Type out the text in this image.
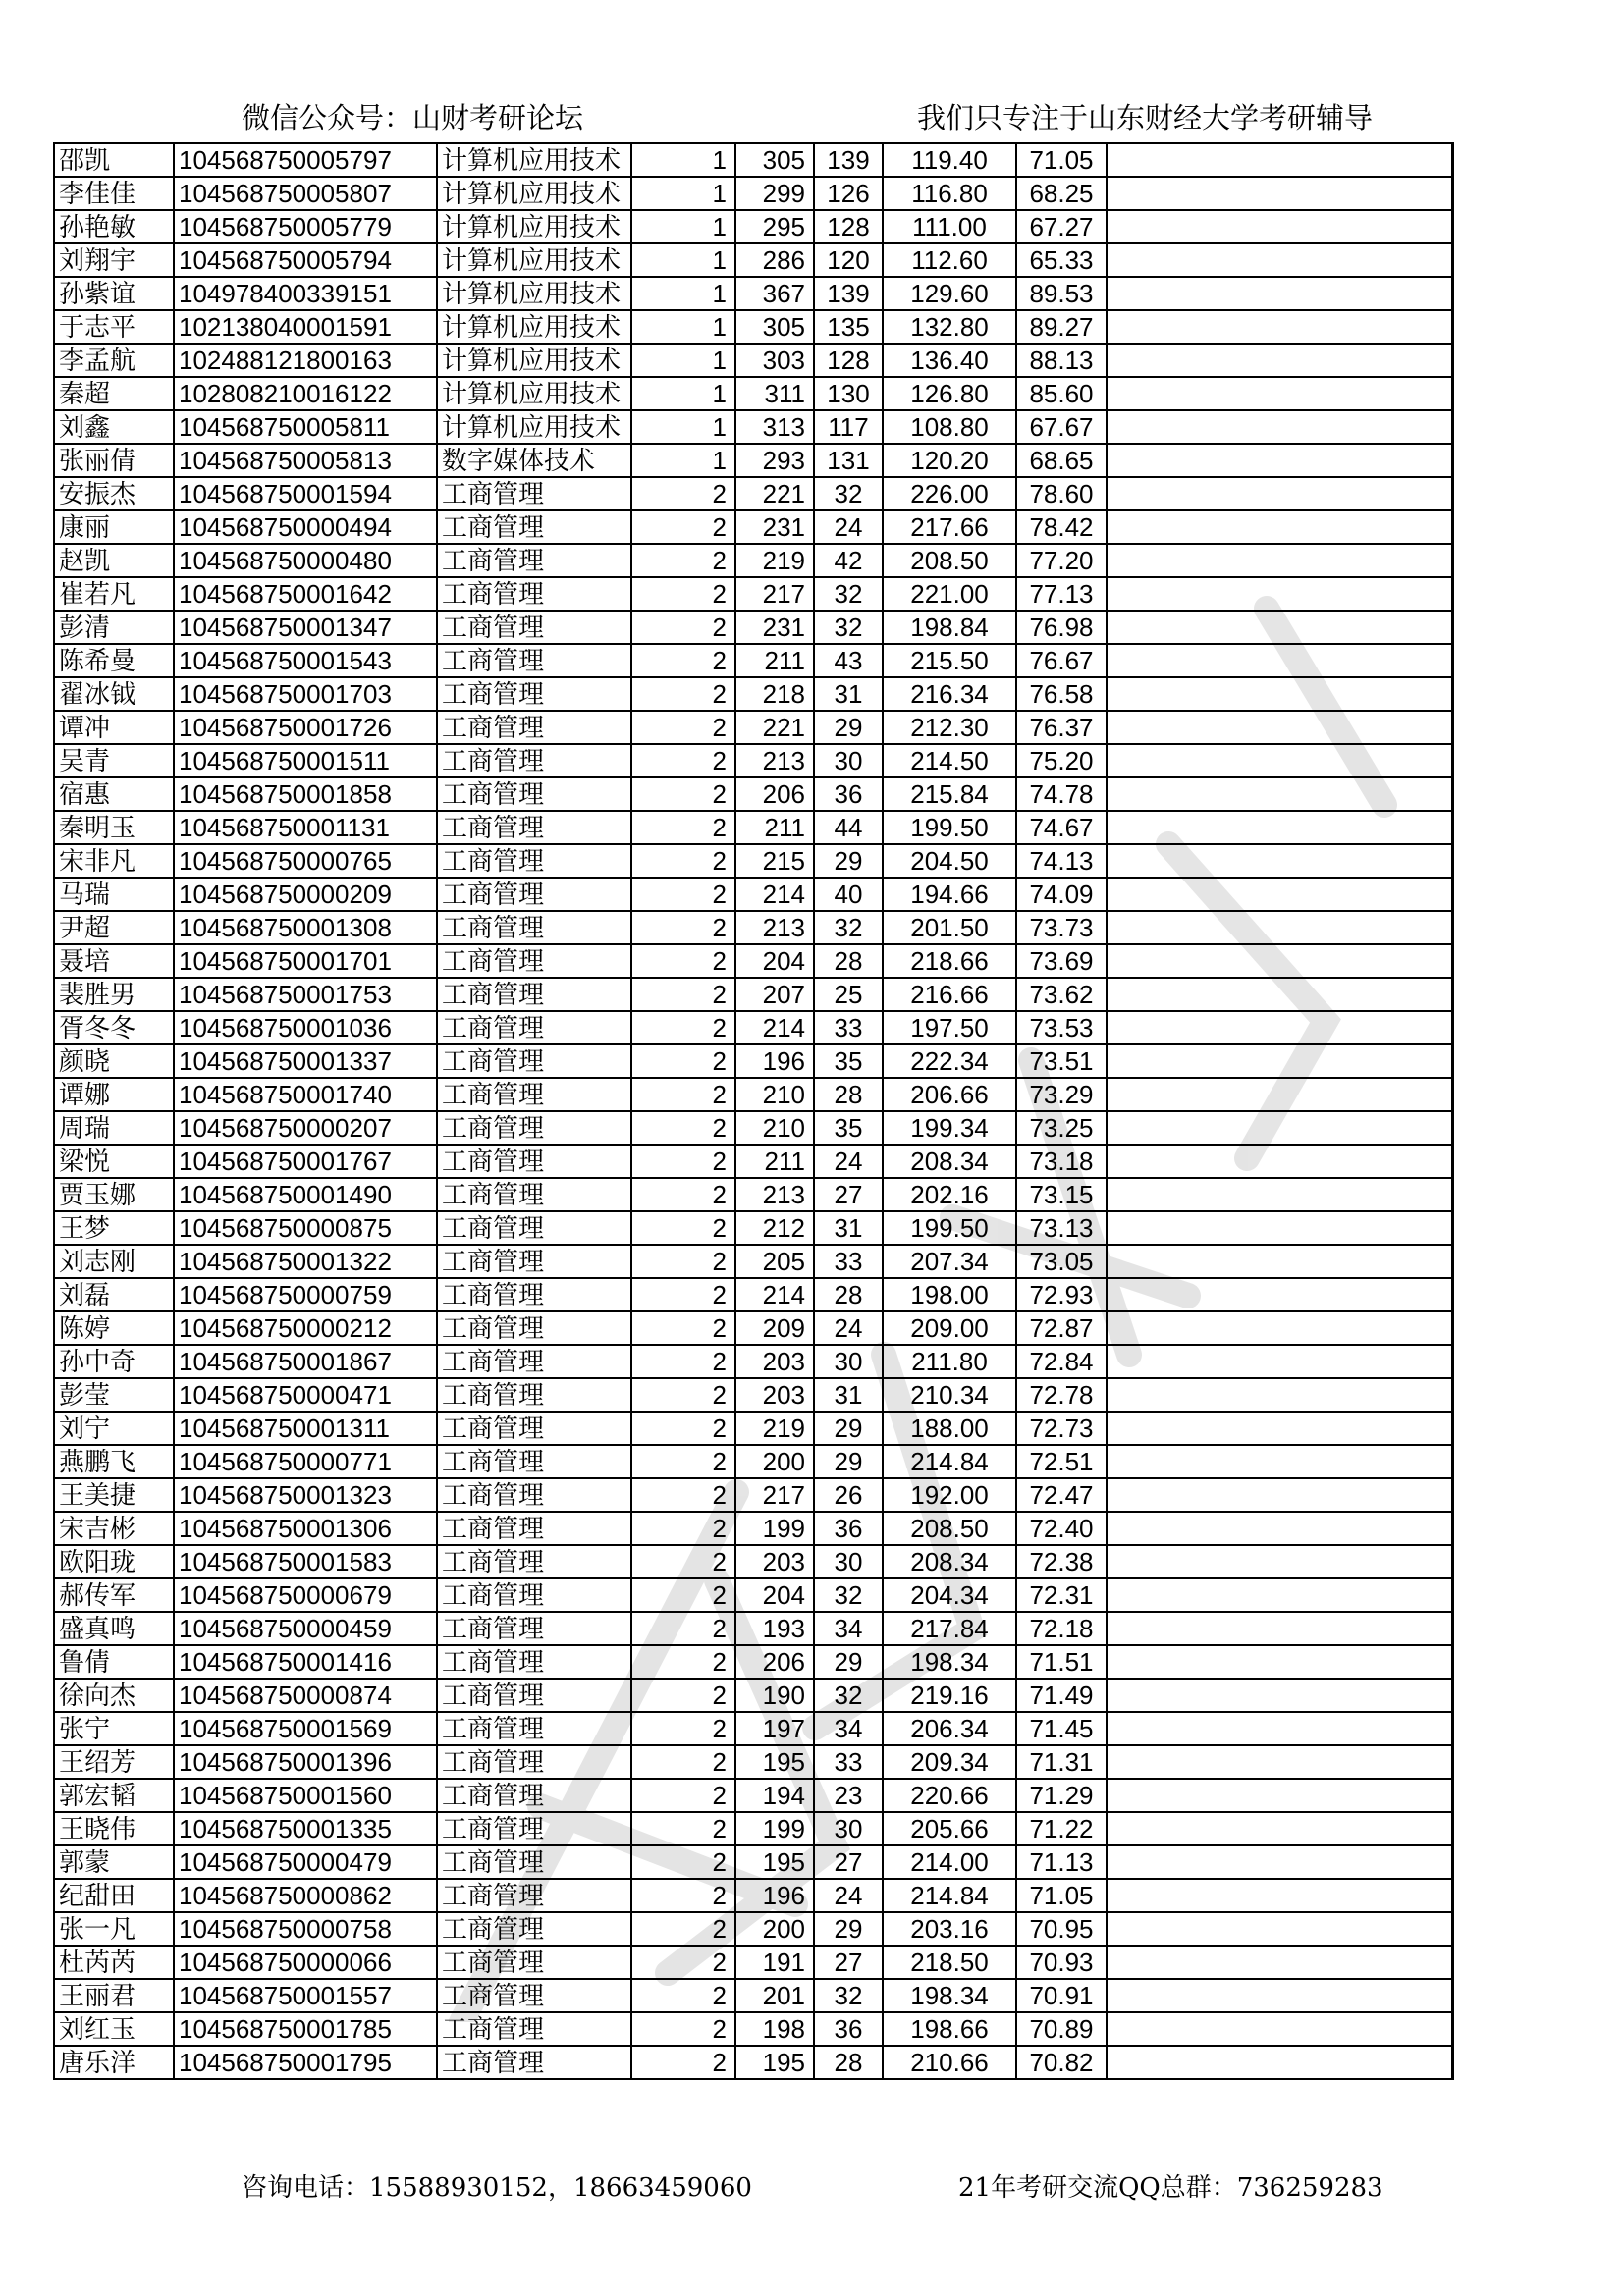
微信公众号：山财考研论坛	我们只专注于山东财经大学考研辅导
邵凯	104568750005797	计算机应用技术	1	305	139	119.40	71.05	
李佳佳	104568750005807	计算机应用技术	1	299	126	116.80	68.25	
孙艳敏	104568750005779	计算机应用技术	1	295	128	111.00	67.27	
刘翔宇	104568750005794	计算机应用技术	1	286	120	112.60	65.33	
孙紫谊	104978400339151	计算机应用技术	1	367	139	129.60	89.53	
于志平	102138040001591	计算机应用技术	1	305	135	132.80	89.27	
李孟航	102488121800163	计算机应用技术	1	303	128	136.40	88.13	
秦超	102808210016122	计算机应用技术	1	311	130	126.80	85.60	
刘鑫	104568750005811	计算机应用技术	1	313	117	108.80	67.67	
张丽倩	104568750005813	数字媒体技术	1	293	131	120.20	68.65	
安振杰	104568750001594	工商管理	2	221	32	226.00	78.60	
康丽	104568750000494	工商管理	2	231	24	217.66	78.42	
赵凯	104568750000480	工商管理	2	219	42	208.50	77.20	
崔若凡	104568750001642	工商管理	2	217	32	221.00	77.13	
彭清	104568750001347	工商管理	2	231	32	198.84	76.98	
陈希曼	104568750001543	工商管理	2	211	43	215.50	76.67	
翟冰钺	104568750001703	工商管理	2	218	31	216.34	76.58	
谭冲	104568750001726	工商管理	2	221	29	212.30	76.37	
吴青	104568750001511	工商管理	2	213	30	214.50	75.20	
宿惠	104568750001858	工商管理	2	206	36	215.84	74.78	
秦明玉	104568750001131	工商管理	2	211	44	199.50	74.67	
宋非凡	104568750000765	工商管理	2	215	29	204.50	74.13	
马瑞	104568750000209	工商管理	2	214	40	194.66	74.09	
尹超	104568750001308	工商管理	2	213	32	201.50	73.73	
聂培	104568750001701	工商管理	2	204	28	218.66	73.69	
裴胜男	104568750001753	工商管理	2	207	25	216.66	73.62	
胥冬冬	104568750001036	工商管理	2	214	33	197.50	73.53	
颜晓	104568750001337	工商管理	2	196	35	222.34	73.51	
谭娜	104568750001740	工商管理	2	210	28	206.66	73.29	
周瑞	104568750000207	工商管理	2	210	35	199.34	73.25	
梁悦	104568750001767	工商管理	2	211	24	208.34	73.18	
贾玉娜	104568750001490	工商管理	2	213	27	202.16	73.15	
王梦	104568750000875	工商管理	2	212	31	199.50	73.13	
刘志刚	104568750001322	工商管理	2	205	33	207.34	73.05	
刘磊	104568750000759	工商管理	2	214	28	198.00	72.93	
陈婷	104568750000212	工商管理	2	209	24	209.00	72.87	
孙中奇	104568750001867	工商管理	2	203	30	211.80	72.84	
彭莹	104568750000471	工商管理	2	203	31	210.34	72.78	
刘宁	104568750001311	工商管理	2	219	29	188.00	72.73	
燕鹏飞	104568750000771	工商管理	2	200	29	214.84	72.51	
王美捷	104568750001323	工商管理	2	217	26	192.00	72.47	
宋吉彬	104568750001306	工商管理	2	199	36	208.50	72.40	
欧阳珑	104568750001583	工商管理	2	203	30	208.34	72.38	
郝传军	104568750000679	工商管理	2	204	32	204.34	72.31	
盛真鸣	104568750000459	工商管理	2	193	34	217.84	72.18	
鲁倩	104568750001416	工商管理	2	206	29	198.34	71.51	
徐向杰	104568750000874	工商管理	2	190	32	219.16	71.49	
张宁	104568750001569	工商管理	2	197	34	206.34	71.45	
王绍芳	104568750001396	工商管理	2	195	33	209.34	71.31	
郭宏韬	104568750001560	工商管理	2	194	23	220.66	71.29	
王晓伟	104568750001335	工商管理	2	199	30	205.66	71.22	
郭蒙	104568750000479	工商管理	2	195	27	214.00	71.13	
纪甜田	104568750000862	工商管理	2	196	24	214.84	71.05	
张一凡	104568750000758	工商管理	2	200	29	203.16	70.95	
杜芮芮	104568750000066	工商管理	2	191	27	218.50	70.93	
王丽君	104568750001557	工商管理	2	201	32	198.34	70.91	
刘红玉	104568750001785	工商管理	2	198	36	198.66	70.89	
唐乐洋	104568750001795	工商管理	2	195	28	210.66	70.82	
咨询电话：15588930152，18663459060	21年考研交流QQ总群：736259283
